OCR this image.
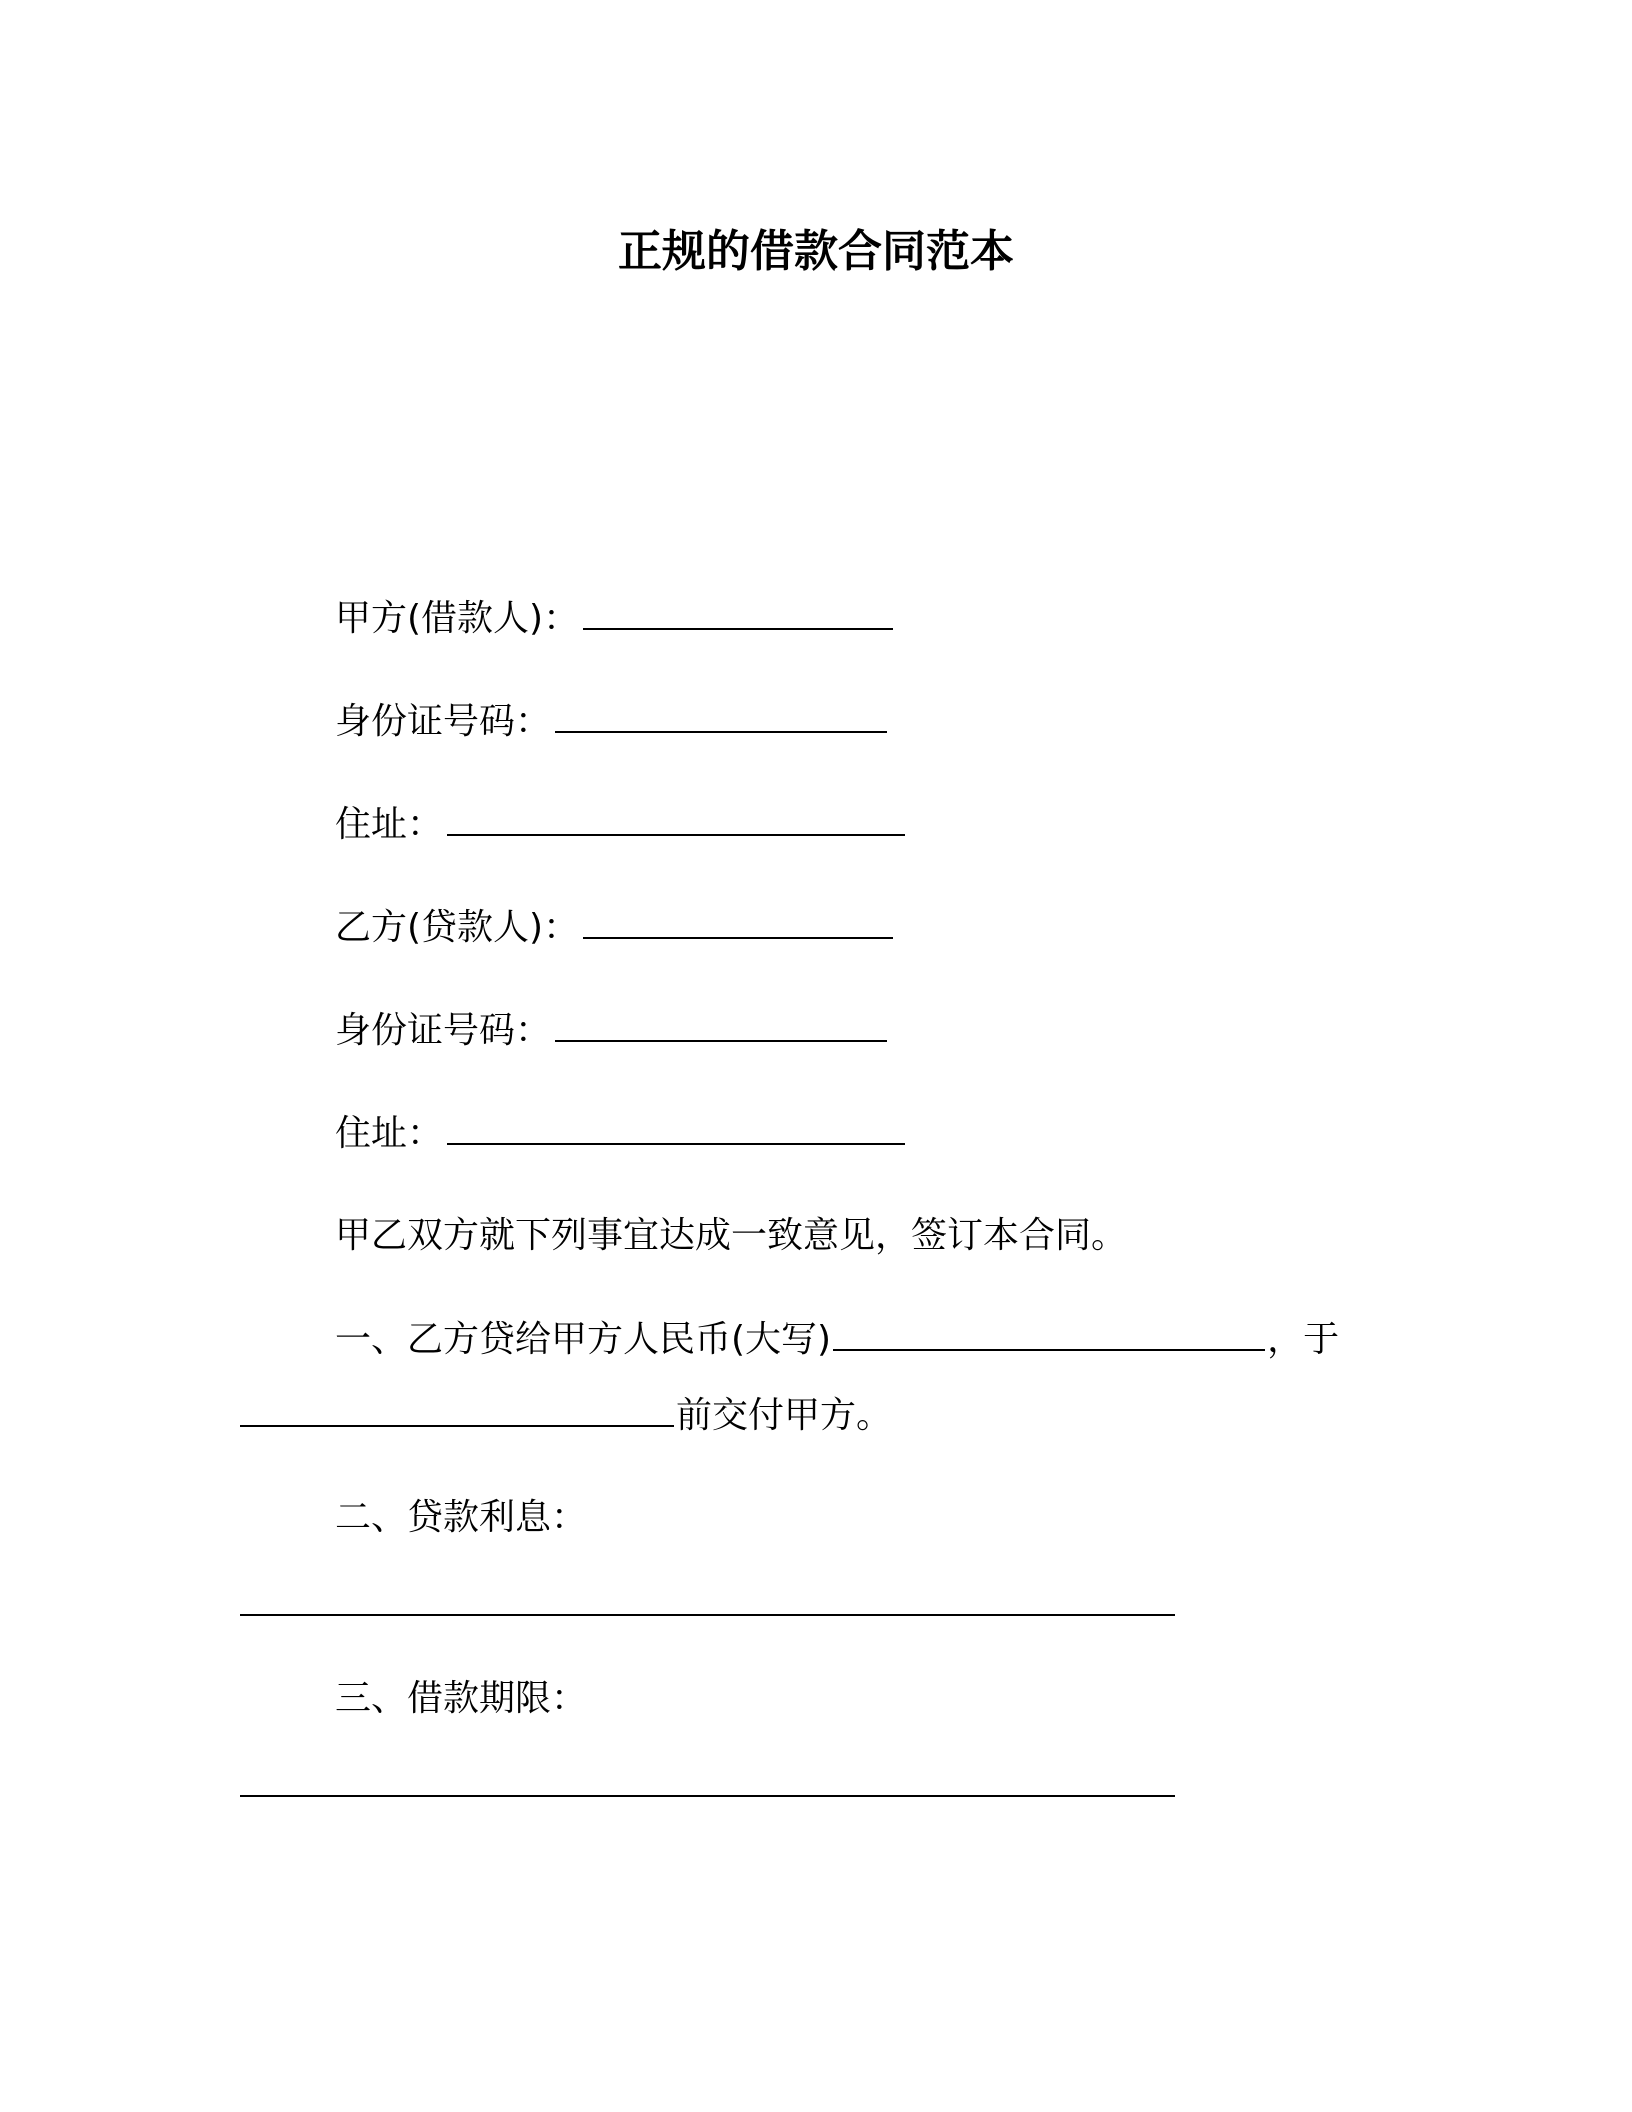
正规的借款合同范本

甲方(借款人)：

身份证号码：

住址：

乙方(贷款人)：

身份证号码：

住址：

甲乙双方就下列事宜达成一致意见，签订本合同。

一、乙方贷给甲方人民币(大写)	，于

前交付甲方。

二、贷款利息：

三、借款期限：
